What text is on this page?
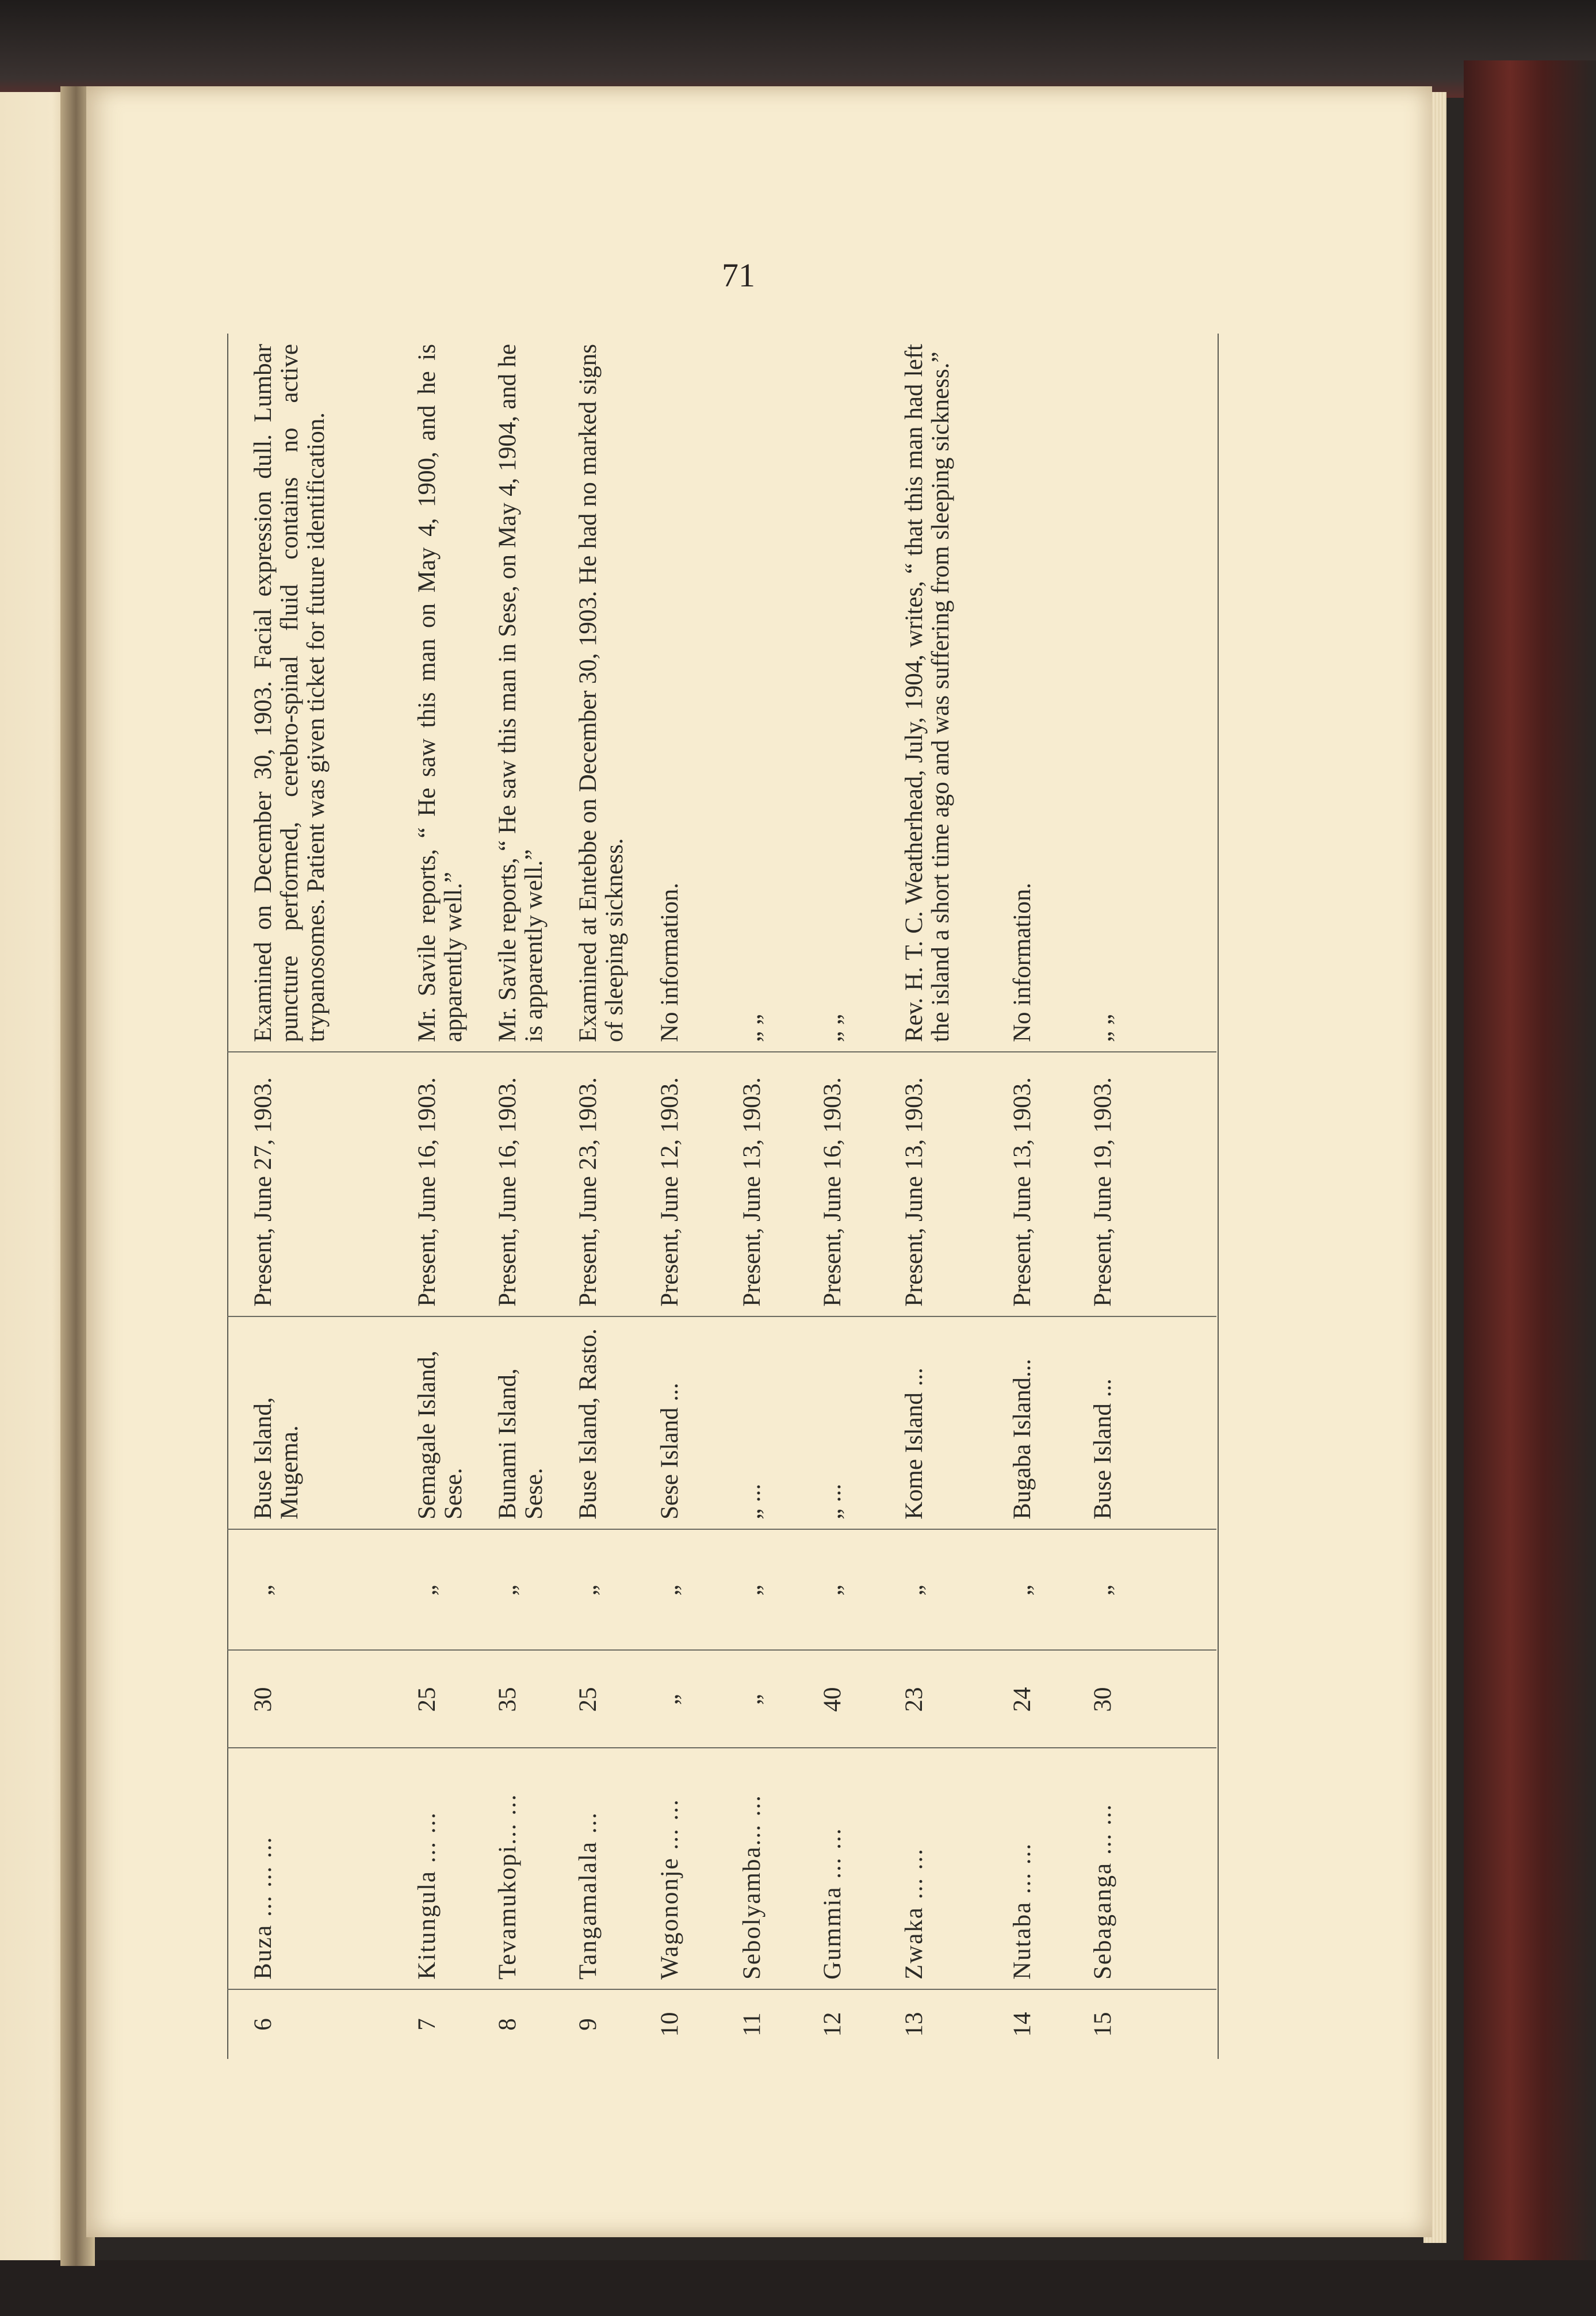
71
6
Buza ... ... ...
30
„
Buse Island, Mugema.
Present, June 27, 1903.
Examined on December 30, 1903. Facial expression dull. Lumbar puncture performed, cerebro-spinal fluid contains no active trypanosomes. Patient was given ticket for future identification.
7
Kitungula ... ...
25
„
Semagale Island, Sese.
Present, June 16, 1903.
Mr. Savile reports, “ He saw this man on May 4, 1900, and he is apparently well.”
8
Tevamukopi... ...
35
„
Bunami Island, Sese.
Present, June 16, 1903.
Mr. Savile reports, “ He saw this man in Sese, on May 4, 1904, and he is apparently well.”
9
Tangamalala ...
25
„
Buse Island, Rasto.
Present, June 23, 1903.
Examined at Entebbe on December 30, 1903. He had no marked signs of sleeping sickness.
10
Wagononje ... ...
„
„
Sese Island ...
Present, June 12, 1903.
No information.
11
Sebolyamba... ...
„
„
„ ...
Present, June 13, 1903.
„ „
12
Gummia ... ...
40
„
„ ...
Present, June 16, 1903.
„ „
13
Zwaka ... ...
23
„
Kome Island ...
Present, June 13, 1903.
Rev. H. T. C. Weatherhead, July, 1904, writes, “ that this man had left the island a short time ago and was suffering from sleeping sickness.”
14
Nutaba ... ...
24
„
Bugaba Island...
Present, June 13, 1903.
No information.
15
Sebaganga ... ...
30
„
Buse Island ...
Present, June 19, 1903.
„ „
